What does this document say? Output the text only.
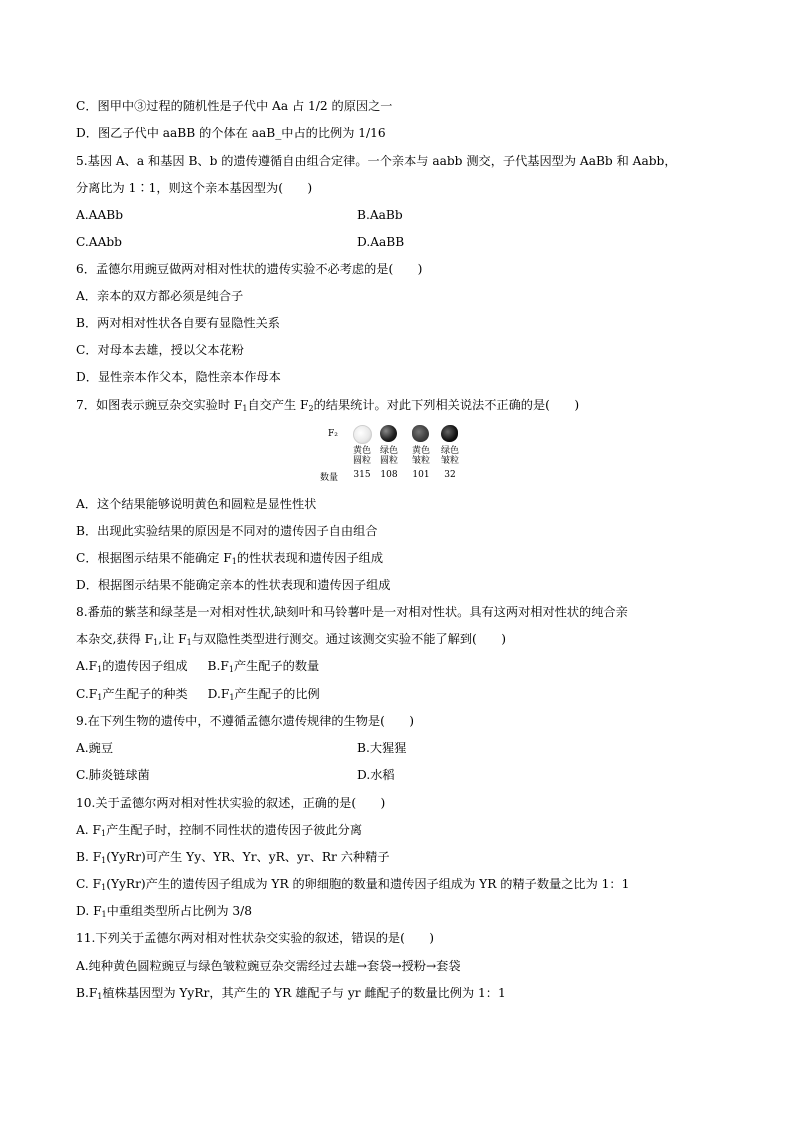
C．图甲中③过程的随机性是子代中 Aa 占 1/2 的原因之一
D．图乙子代中 aaBB 的个体在 aaB_中占的比例为 1/16
5.基因 A、a 和基因 B、b 的遗传遵循自由组合定律。一个亲本与 aabb 测交，子代基因型为 AaBb 和 Aabb，
分离比为 1∶1，则这个亲本基因型为(　　)
A.AABb	B.AaBb
C.AAbb	D.AaBB
6．孟德尔用豌豆做两对相对性状的遗传实验不必考虑的是(　　)
A．亲本的双方都必须是纯合子
B．两对相对性状各自要有显隐性关系
C．对母本去雄，授以父本花粉
D．显性亲本作父本，隐性亲本作母本
7．如图表示豌豆杂交实验时 $F_1$自交产生 $F_2$的结果统计。对此下列相关说法不正确的是(　　)
F₂
黄色
圆粒
绿色
圆粒
黄色
皱粒
绿色
皱粒
数量	315	108	101	32
A．这个结果能够说明黄色和圆粒是显性性状
B．出现此实验结果的原因是不同对的遗传因子自由组合
C．根据图示结果不能确定 $F_1$的性状表现和遗传因子组成
D．根据图示结果不能确定亲本的性状表现和遗传因子组成
8.番茄的紫茎和绿茎是一对相对性状,缺刻叶和马铃薯叶是一对相对性状。具有这两对相对性状的纯合亲
本杂交,获得 $F_1$,让 $F_1$与双隐性类型进行测交。通过该测交实验不能了解到(　　)
$A.F_1$的遗传因子组成 $B.F_1$产生配子的数量
$C.F_1$产生配子的种类 $D.F_1$产生配子的比例
9.在下列生物的遗传中，不遵循孟德尔遗传规律的生物是(　　)
A.豌豆	B.大猩猩
C.肺炎链球菌	D.水稻
10.关于孟德尔两对相对性状实验的叙述，正确的是(　　)
A. $F_1$产生配子时，控制不同性状的遗传因子彼此分离
B. $F_1(YyRr)$可产生 Yy、YR、Yr、yR、yr、Rr 六种精子
C. $F_1(YyRr)$产生的遗传因子组成为 YR 的卵细胞的数量和遗传因子组成为 YR 的精子数量之比为 1：1
D. $F_1$中重组类型所占比例为 3/8
11.下列关于孟德尔两对相对性状杂交实验的叙述，错误的是(　　)
A.纯种黄色圆粒豌豆与绿色皱粒豌豆杂交需经过去雄→套袋→授粉→套袋
$B.F_1$植株基因型为 YyRr，其产生的 YR 雄配子与 yr 雌配子的数量比例为 1：1
